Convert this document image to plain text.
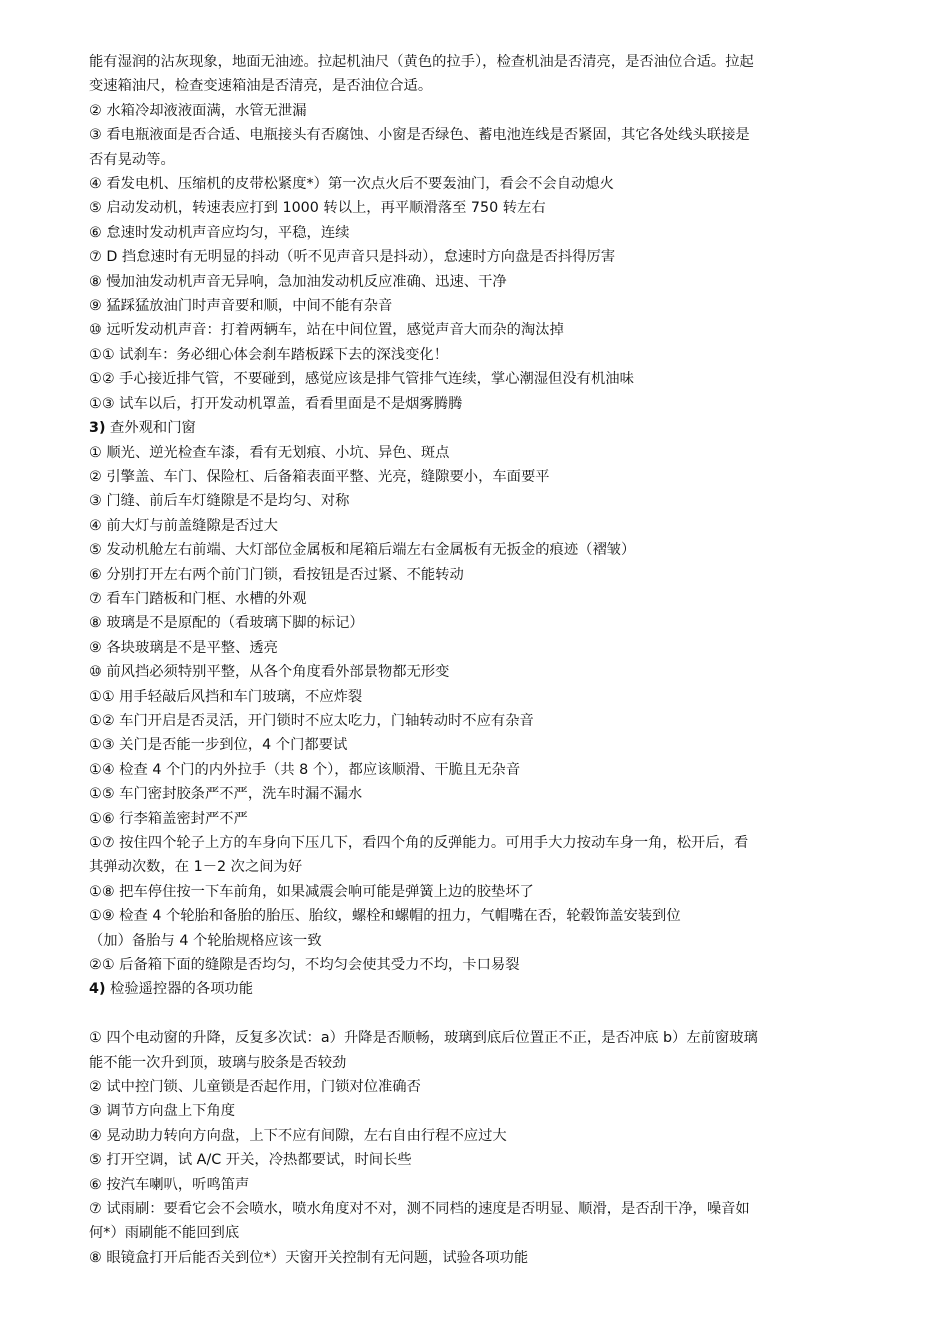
能有湿润的沾灰现象，地面无油迹。拉起机油尺（黄色的拉手），检查机油是否清亮，是否油位合适。拉起
变速箱油尺，检查变速箱油是否清亮，是否油位合适。
② 水箱冷却液液面满，水管无泄漏
③ 看电瓶液面是否合适、电瓶接头有否腐蚀、小窗是否绿色、蓄电池连线是否紧固，其它各处线头联接是
否有晃动等。
④ 看发电机、压缩机的皮带松紧度*）第一次点火后不要轰油门，看会不会自动熄火
⑤ 启动发动机，转速表应打到 1000 转以上，再平顺滑落至 750 转左右
⑥ 怠速时发动机声音应均匀，平稳，连续
⑦ D 挡怠速时有无明显的抖动（听不见声音只是抖动），怠速时方向盘是否抖得厉害
⑧ 慢加油发动机声音无异响，急加油发动机反应准确、迅速、干净
⑨ 猛踩猛放油门时声音要和顺，中间不能有杂音
⑩ 远听发动机声音：打着两辆车，站在中间位置，感觉声音大而杂的淘汰掉
①① 试刹车：务必细心体会刹车踏板踩下去的深浅变化！
①② 手心接近排气管，不要碰到，感觉应该是排气管排气连续，掌心潮湿但没有机油味
①③ 试车以后，打开发动机罩盖，看看里面是不是烟雾腾腾
3) 查外观和门窗
① 顺光、逆光检查车漆，看有无划痕、小坑、异色、斑点
② 引擎盖、车门、保险杠、后备箱表面平整、光亮，缝隙要小，车面要平
③ 门缝、前后车灯缝隙是不是均匀、对称
④ 前大灯与前盖缝隙是否过大
⑤ 发动机舱左右前端、大灯部位金属板和尾箱后端左右金属板有无扳金的痕迹（褶皱）
⑥ 分别打开左右两个前门门锁，看按钮是否过紧、不能转动
⑦ 看车门踏板和门框、水槽的外观
⑧ 玻璃是不是原配的（看玻璃下脚的标记）
⑨ 各块玻璃是不是平整、透亮
⑩ 前风挡必须特别平整，从各个角度看外部景物都无形变
①① 用手轻敲后风挡和车门玻璃，不应炸裂
①② 车门开启是否灵活，开门锁时不应太吃力，门轴转动时不应有杂音
①③ 关门是否能一步到位，4 个门都要试
①④ 检查 4 个门的内外拉手（共 8 个），都应该顺滑、干脆且无杂音
①⑤ 车门密封胶条严不严，洗车时漏不漏水
①⑥ 行李箱盖密封严不严
①⑦ 按住四个轮子上方的车身向下压几下，看四个角的反弹能力。可用手大力按动车身一角，松开后，看
其弹动次数，在 1－2 次之间为好
①⑧ 把车停住按一下车前角，如果减震会响可能是弹簧上边的胶垫坏了
①⑨ 检查 4 个轮胎和备胎的胎压、胎纹，螺栓和螺帽的扭力，气帽嘴在否，轮毂饰盖安装到位
（加）备胎与 4 个轮胎规格应该一致
②① 后备箱下面的缝隙是否均匀，不均匀会使其受力不均，卡口易裂
4) 检验遥控器的各项功能
① 四个电动窗的升降，反复多次试：a）升降是否顺畅，玻璃到底后位置正不正，是否冲底 b）左前窗玻璃
能不能一次升到顶，玻璃与胶条是否较劲
② 试中控门锁、儿童锁是否起作用，门锁对位准确否
③ 调节方向盘上下角度
④ 晃动助力转向方向盘，上下不应有间隙，左右自由行程不应过大
⑤ 打开空调，试 A/C 开关，冷热都要试，时间长些
⑥ 按汽车喇叭，听鸣笛声
⑦ 试雨刷：要看它会不会喷水，喷水角度对不对，测不同档的速度是否明显、顺滑，是否刮干净，噪音如
何*）雨刷能不能回到底
⑧ 眼镜盒打开后能否关到位*）天窗开关控制有无问题，试验各项功能
